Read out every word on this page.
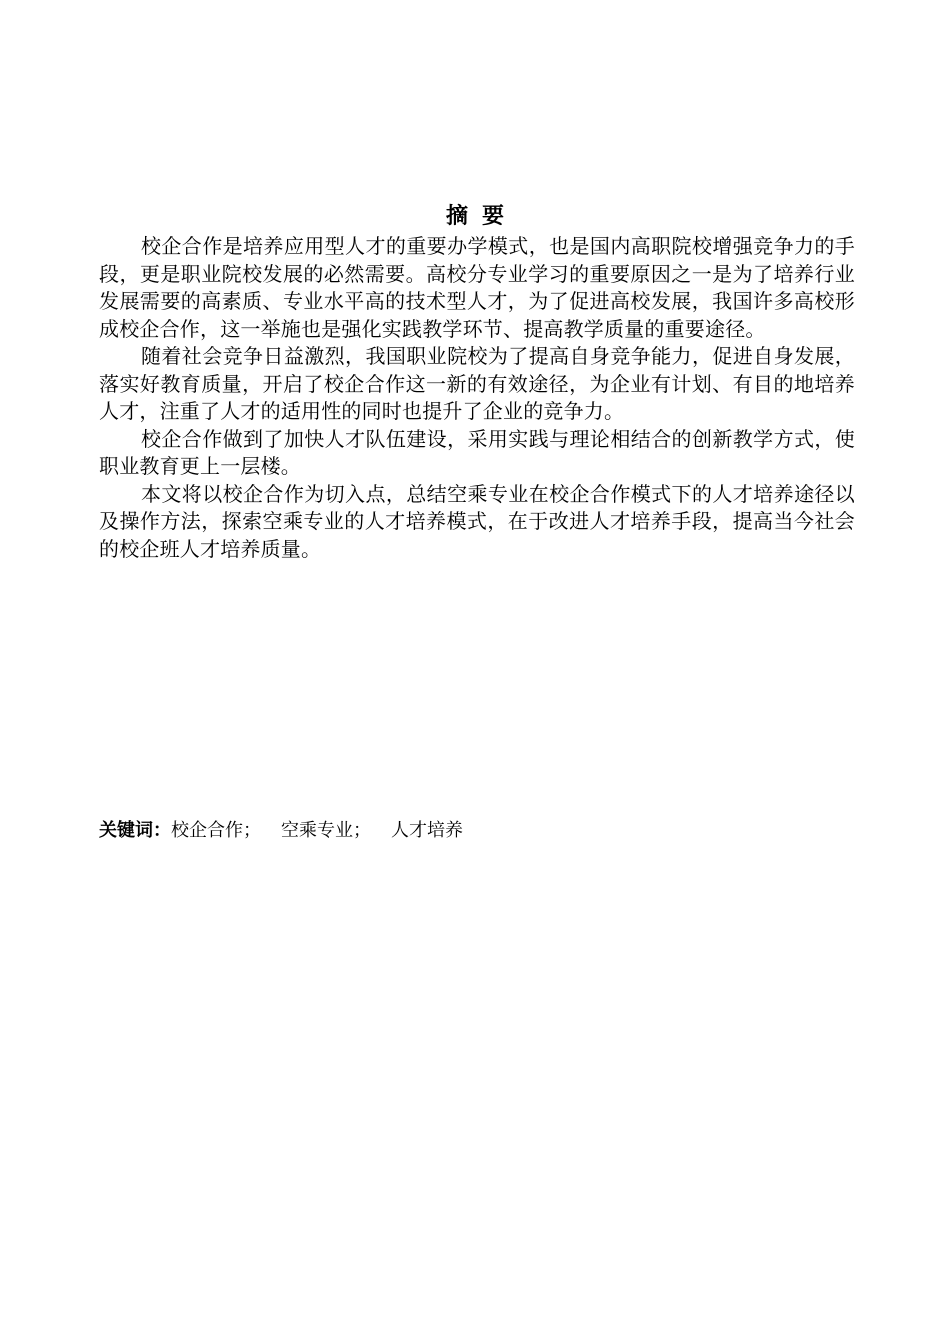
摘要

校企合作是培养应用型人才的重要办学模式，也是国内高职院校增强竞争力的手段，更是职业院校发展的必然需要。高校分专业学习的重要原因之一是为了培养行业发展需要的高素质、专业水平高的技术型人才，为了促进高校发展，我国许多高校形成校企合作，这一举施也是强化实践教学环节、提高教学质量的重要途径。

随着社会竞争日益激烈，我国职业院校为了提高自身竞争能力，促进自身发展，落实好教育质量，开启了校企合作这一新的有效途径，为企业有计划、有目的地培养人才，注重了人才的适用性的同时也提升了企业的竞争力。

校企合作做到了加快人才队伍建设，采用实践与理论相结合的创新教学方式，使职业教育更上一层楼。

本文将以校企合作为切入点，总结空乘专业在校企合作模式下的人才培养途径以及操作方法，探索空乘专业的人才培养模式，在于改进人才培养手段，提高当今社会的校企班人才培养质量。

关键词：校企合作； 空乘专业； 人才培养
